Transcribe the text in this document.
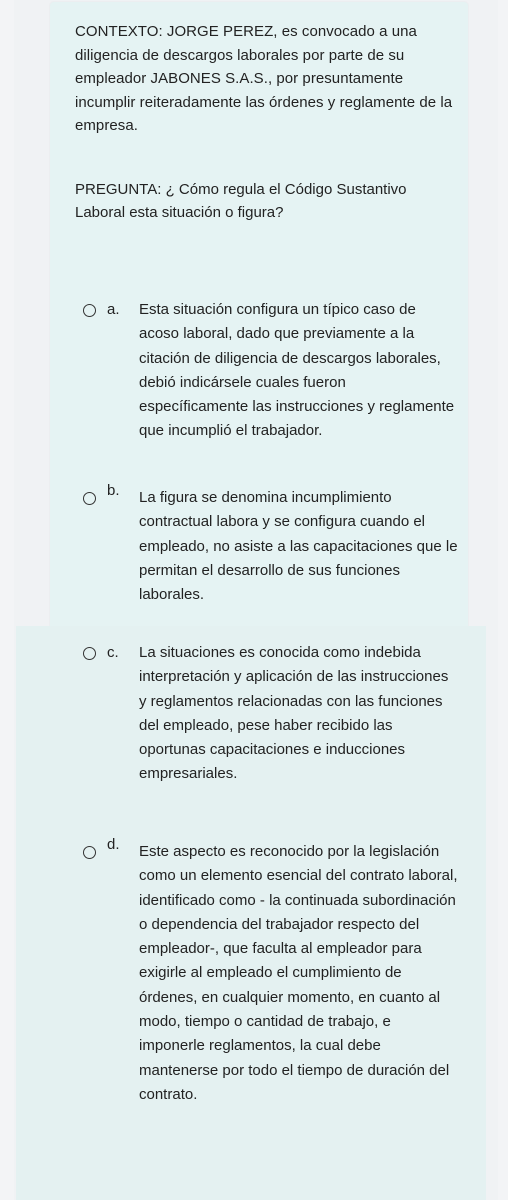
CONTEXTO: JORGE PEREZ, es convocado a una diligencia de descargos laborales por parte de su empleador JABONES S.A.S., por presuntamente incumplir reiteradamente las órdenes y reglamente de la empresa.

PREGUNTA: ¿ Cómo regula el Código Sustantivo Laboral esta situación o figura?

a. Esta situación configura un típico caso de acoso laboral, dado que previamente a la citación de diligencia de descargos laborales, debió indicársele cuales fueron específicamente las instrucciones y reglamente que incumplió el trabajador.

b. La figura se denomina incumplimiento contractual labora y se configura cuando el empleado, no asiste a las capacitaciones que le permitan el desarrollo de sus funciones laborales.

c. La situaciones es conocida como indebida interpretación y aplicación de las instrucciones y reglamentos relacionadas con las funciones del empleado, pese haber recibido las oportunas capacitaciones e inducciones empresariales.

d. Este aspecto es reconocido por la legislación como un elemento esencial del contrato laboral, identificado como - la continuada subordinación o dependencia del trabajador respecto del empleador-, que faculta al empleador para exigirle al empleado el cumplimiento de órdenes, en cualquier momento, en cuanto al modo, tiempo o cantidad de trabajo, e imponerle reglamentos, la cual debe mantenerse por todo el tiempo de duración del contrato.
